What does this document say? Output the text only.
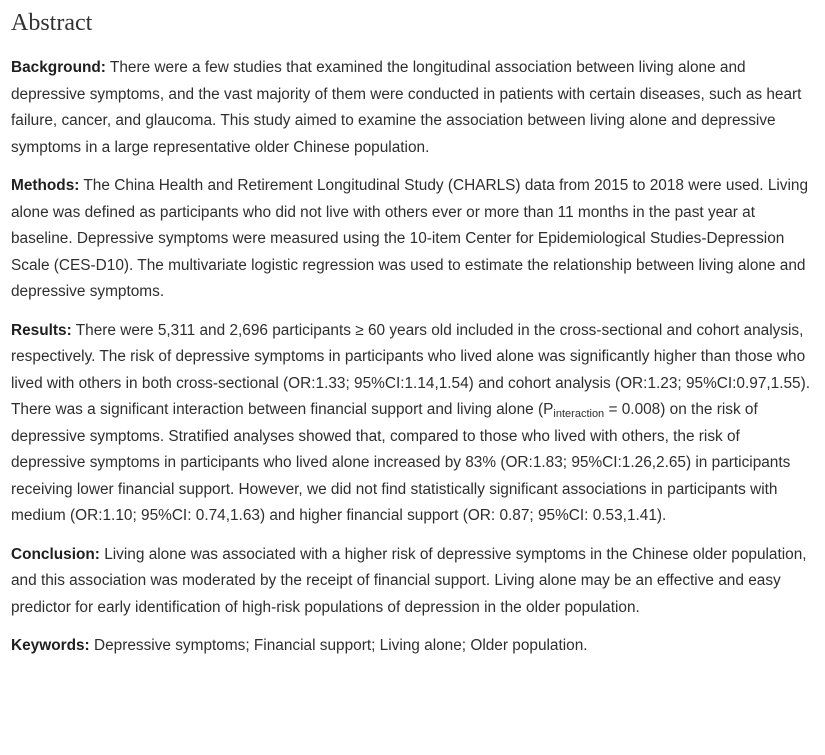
Abstract

Background: There were a few studies that examined the longitudinal association between living alone and depressive symptoms, and the vast majority of them were conducted in patients with certain diseases, such as heart failure, cancer, and glaucoma. This study aimed to examine the association between living alone and depressive symptoms in a large representative older Chinese population.

Methods: The China Health and Retirement Longitudinal Study (CHARLS) data from 2015 to 2018 were used. Living alone was defined as participants who did not live with others ever or more than 11 months in the past year at baseline. Depressive symptoms were measured using the 10-item Center for Epidemiological Studies-Depression Scale (CES-D10). The multivariate logistic regression was used to estimate the relationship between living alone and depressive symptoms.

Results: There were 5,311 and 2,696 participants ≥ 60 years old included in the cross-sectional and cohort analysis, respectively. The risk of depressive symptoms in participants who lived alone was significantly higher than those who lived with others in both cross-sectional (OR:1.33; 95%CI:1.14,1.54) and cohort analysis (OR:1.23; 95%CI:0.97,1.55). There was a significant interaction between financial support and living alone $(P_{interaction} = 0.008)$ on the risk of depressive symptoms. Stratified analyses showed that, compared to those who lived with others, the risk of depressive symptoms in participants who lived alone increased by 83% (OR:1.83; 95%CI:1.26,2.65) in participants receiving lower financial support. However, we did not find statistically significant associations in participants with medium (OR:1.10; 95%CI: 0.74,1.63) and higher financial support (OR: 0.87; 95%CI: 0.53,1.41).

Conclusion: Living alone was associated with a higher risk of depressive symptoms in the Chinese older population, and this association was moderated by the receipt of financial support. Living alone may be an effective and easy predictor for early identification of high-risk populations of depression in the older population.

Keywords: Depressive symptoms; Financial support; Living alone; Older population.
